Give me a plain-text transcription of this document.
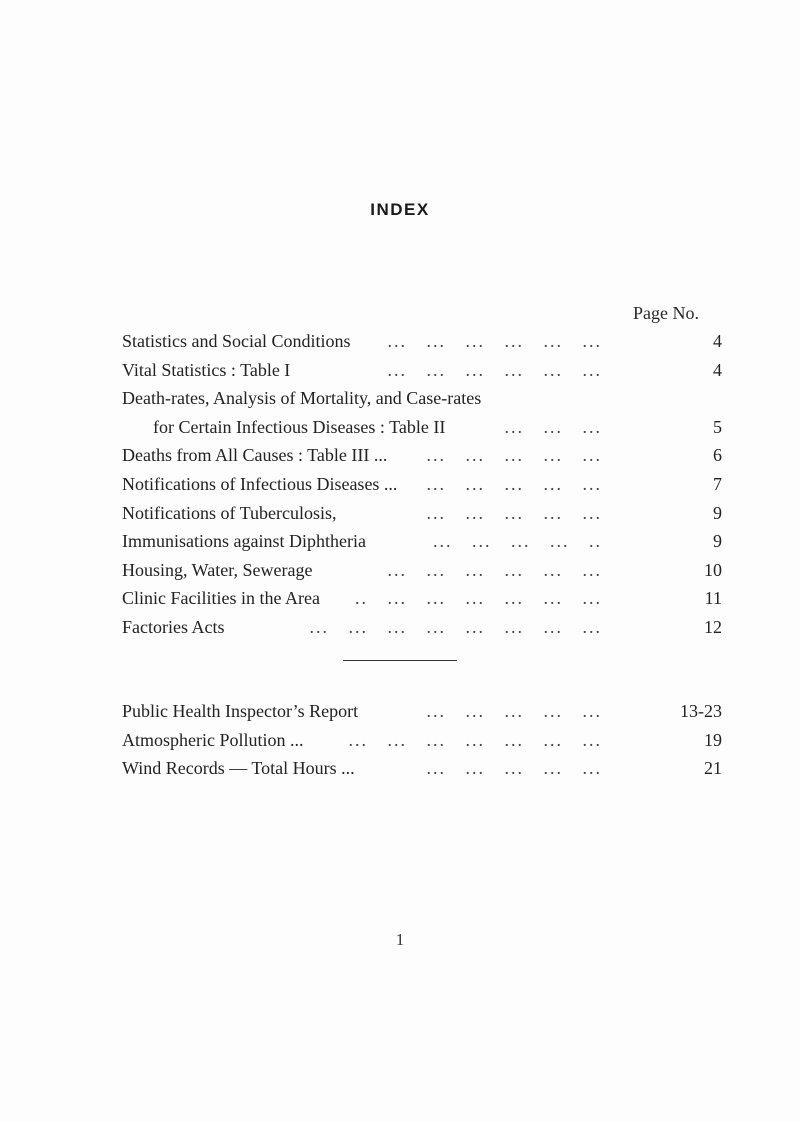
INDEX
Page No.
Statistics and Social Conditions ...   ...   ...   ...   ...   ...	4
Vital Statistics : Table I	...   ...   ...   ...   ...   ...	4
Death-rates, Analysis of Mortality, and Case-rates
for Certain Infectious Diseases : Table II	...   ...   ...	5
Deaths from All Causes : Table III ... ...   ...   ...   ...   ...	6
Notifications of Infectious Diseases ... ...   ...   ...   ...   ...	7
Notifications of Tuberculosis,	...   ...   ...   ...   ...	9
Immunisations against Diphtheria	...   ...   ...   ...   ..	9
Housing, Water, Sewerage	...   ...   ...   ...   ...   ...	10
Clinic Facilities in the Area ..   ...   ...   ...   ...   ...   ...	11
Factories Acts	...   ...   ...   ...   ...   ...   ...   ...	12
Public Health Inspector’s Report	...   ...   ...   ...   ...	13-23
Atmospheric Pollution ...	...   ...   ...   ...   ...   ...   ...	19
Wind Records — Total Hours ...	...   ...   ...   ...   ...	21
1
